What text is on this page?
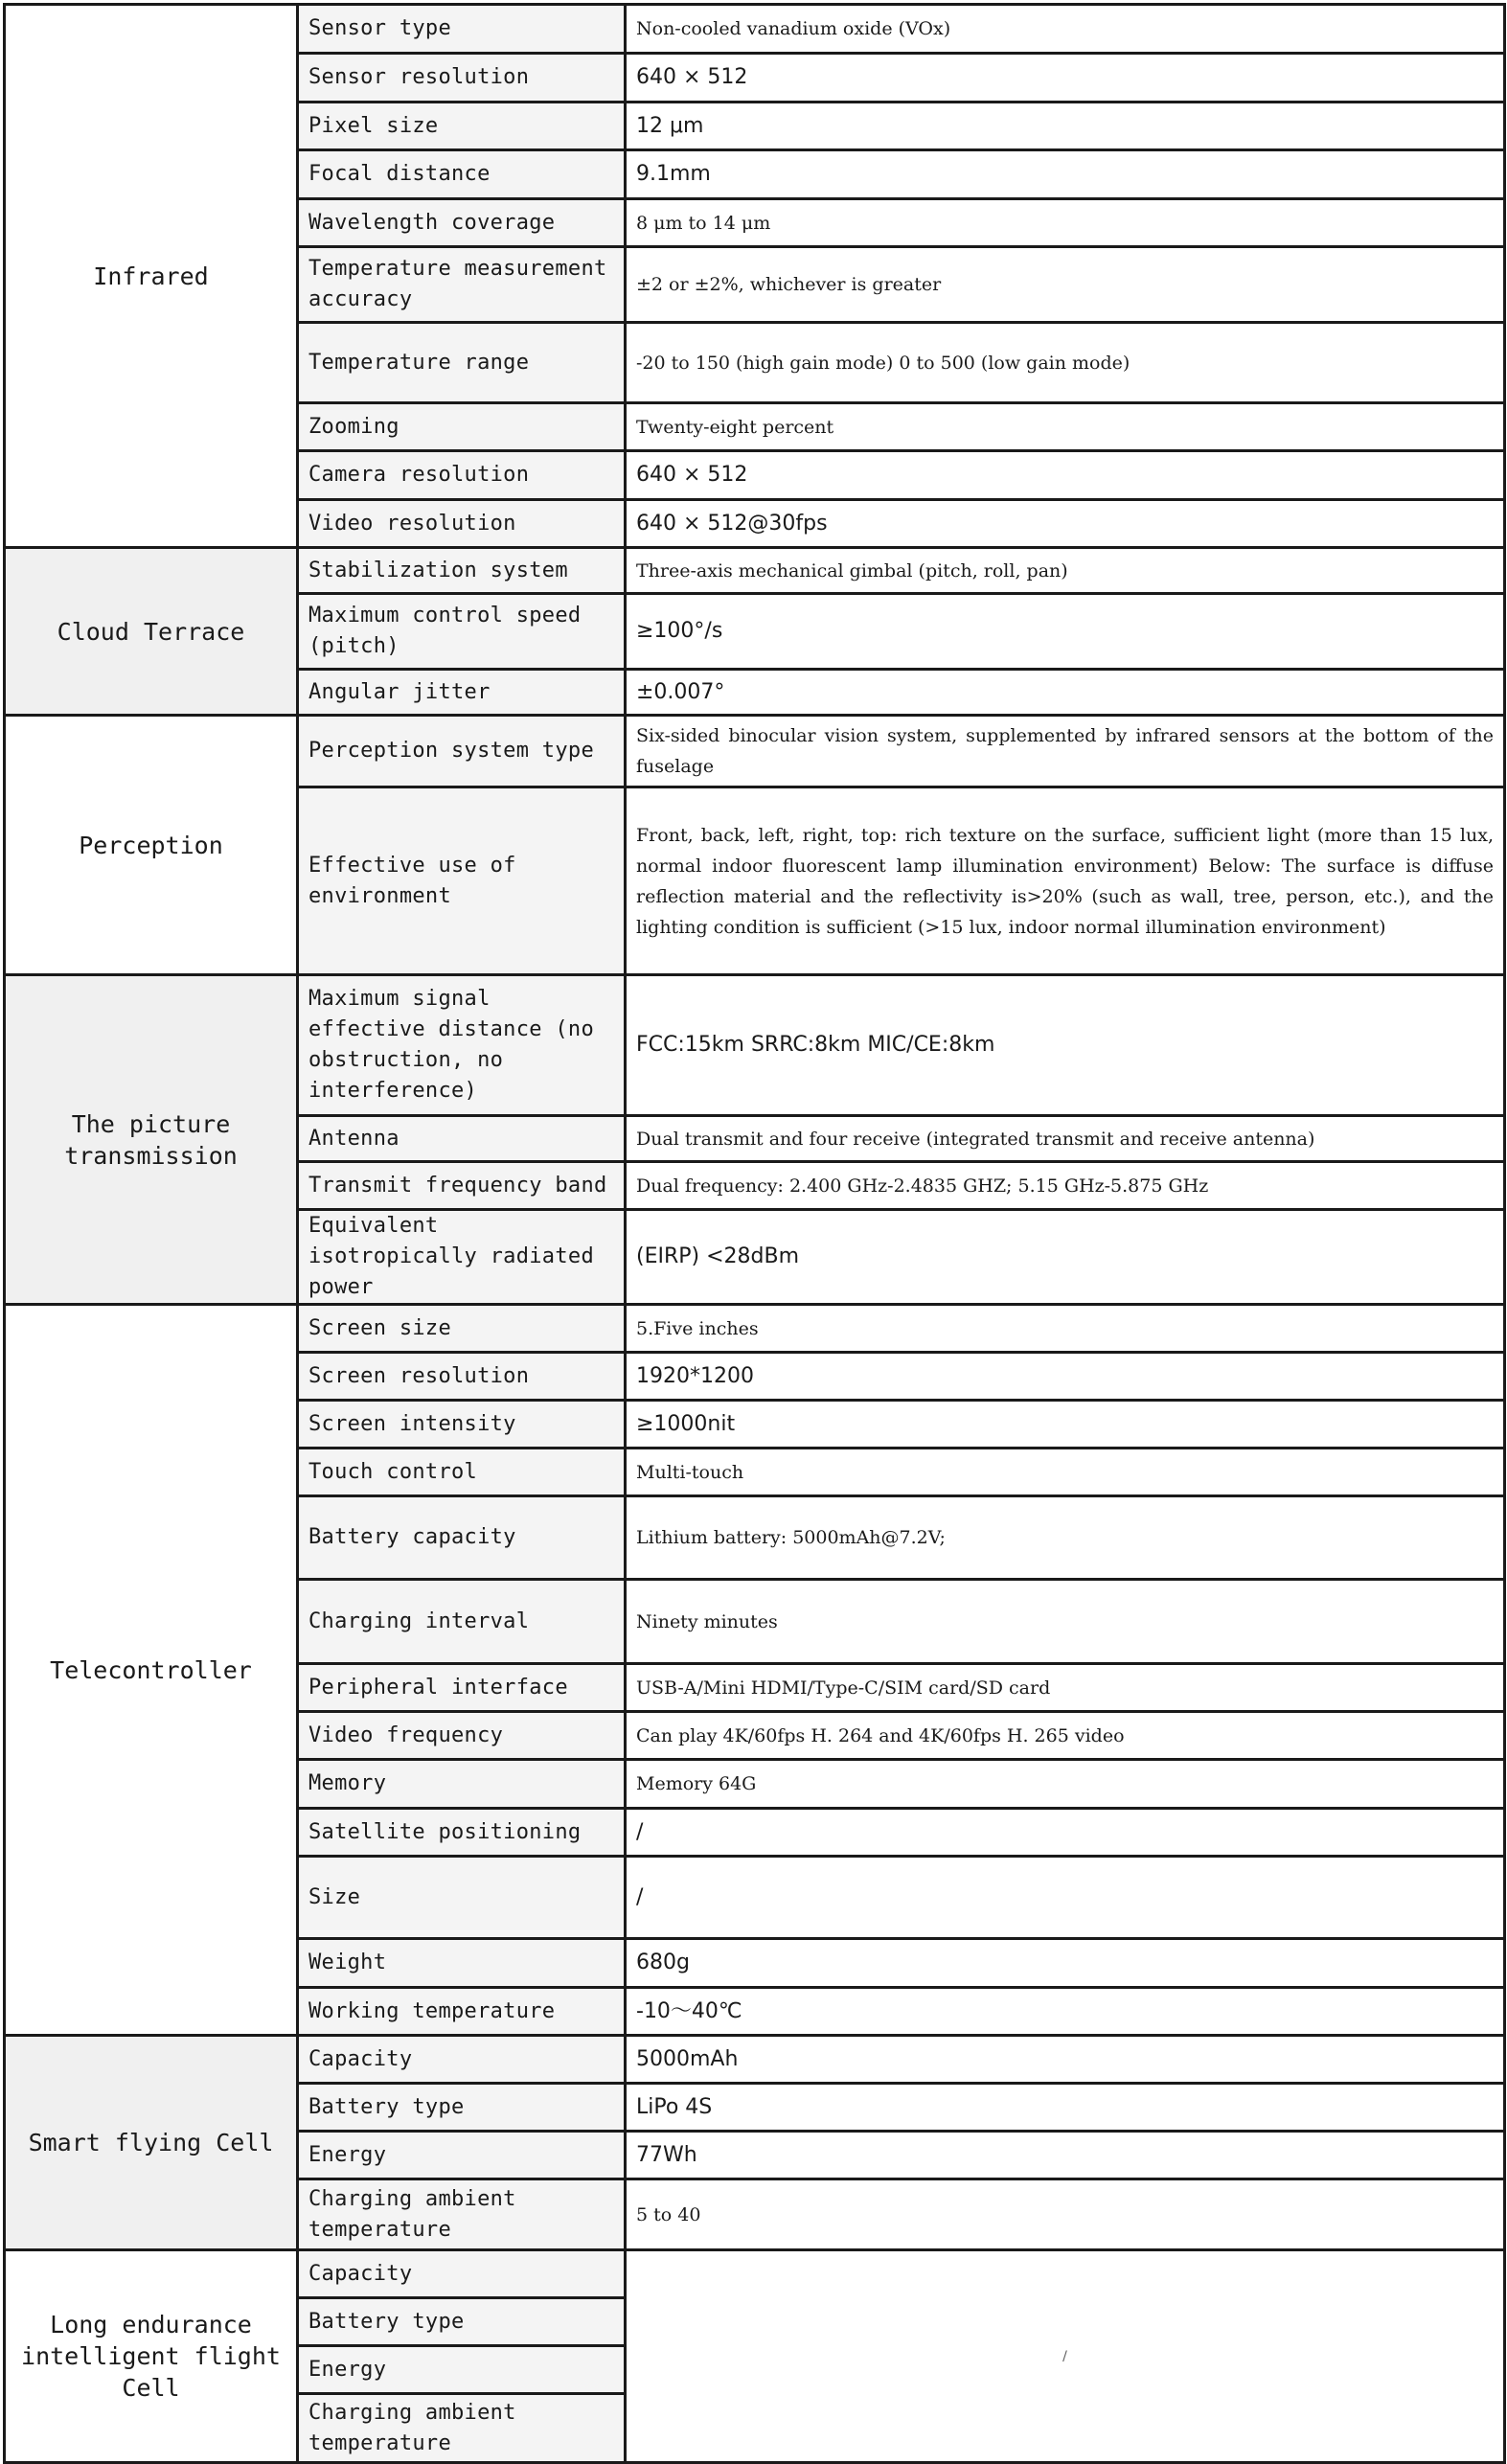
Infrared	Sensor type	Non-cooled vanadium oxide (VOx)
	Sensor resolution	640 × 512
	Pixel size	12 μm
	Focal distance	9.1mm
	Wavelength coverage	8 μm to 14 μm
	Temperature measurement accuracy	±2 or ±2%, whichever is greater
	Temperature range	-20 to 150 (high gain mode) 0 to 500 (low gain mode)
	Zooming	Twenty-eight percent
	Camera resolution	640 × 512
	Video resolution	640 × 512@30fps
Cloud Terrace	Stabilization system	Three-axis mechanical gimbal (pitch, roll, pan)
	Maximum control speed (pitch)	≥100°/s
	Angular jitter	±0.007°
Perception	Perception system type	Six-sided binocular vision system, supplemented by infrared sensors at the bottom of the fuselage
	Effective use of environment	Front, back, left, right, top: rich texture on the surface, sufficient light (more than 15 lux, normal indoor fluorescent lamp illumination environment) Below: The surface is diffuse reflection material and the reflectivity is>20% (such as wall, tree, person, etc.), and the lighting condition is sufficient (>15 lux, indoor normal illumination environment)
The picture transmission	Maximum signal effective distance (no obstruction, no interference)	FCC:15km SRRC:8km MIC/CE:8km
	Antenna	Dual transmit and four receive (integrated transmit and receive antenna)
	Transmit frequency band	Dual frequency: 2.400 GHz-2.4835 GHZ; 5.15 GHz-5.875 GHz
	Equivalent isotropically radiated power	(EIRP) <28dBm
Telecontroller	Screen size	5.Five inches
	Screen resolution	1920*1200
	Screen intensity	≥1000nit
	Touch control	Multi-touch
	Battery capacity	Lithium battery: 5000mAh@7.2V;
	Charging interval	Ninety minutes
	Peripheral interface	USB-A/Mini HDMI/Type-C/SIM card/SD card
	Video frequency	Can play 4K/60fps H. 264 and 4K/60fps H. 265 video
	Memory	Memory 64G
	Satellite positioning	/
	Size	/
	Weight	680g
	Working temperature	-10～40℃
Smart flying Cell	Capacity	5000mAh
	Battery type	LiPo 4S
	Energy	77Wh
	Charging ambient temperature	5 to 40
Long endurance intelligent flight Cell	Capacity	/
	Battery type	
	Energy	
	Charging ambient temperature	
